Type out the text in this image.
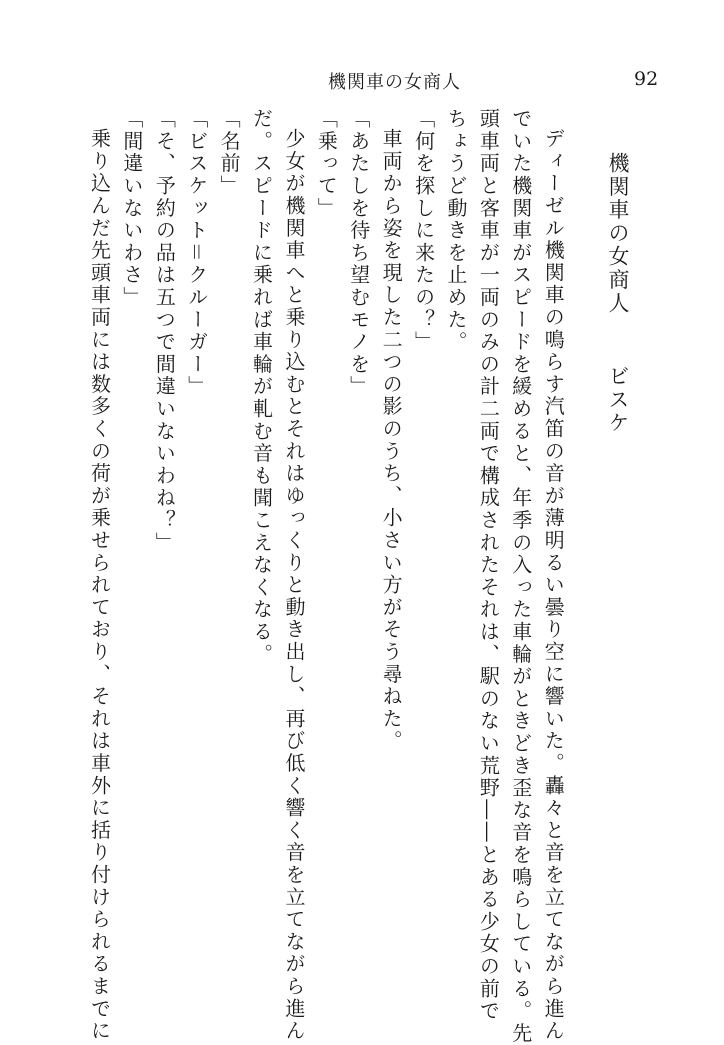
機関車の女商人	92

機関車の女商人ビスケ

ディーゼル機関車の鳴らす汽笛の音が薄明るい曇り空に響いた。轟々と音を立てながら進ん

でいた機関車がスピードを緩めると、年季の入った車輪がときどき歪な音を鳴らしている。先

頭車両と客車が一両のみの計二両で構成されたそれは、駅のない荒野――とある少女の前で

ちょうど動きを止めた。

「何を探しに来たの？」

車両から姿を現した二つの影のうち、小さい方がそう尋ねた。

「あたしを待ち望むモノを」

「乗って」

少女が機関車へと乗り込むとそれはゆっくりと動き出し、再び低く響く音を立てながら進ん

だ。スピードに乗れば車輪が軋む音も聞こえなくなる。

「名前」

「ビスケット＝クルーガー」

「そ、予約の品は五つで間違いないわね？」

「間違いないわさ」

乗り込んだ先頭車両には数多くの荷が乗せられており、それは車外に括り付けられるまでに
